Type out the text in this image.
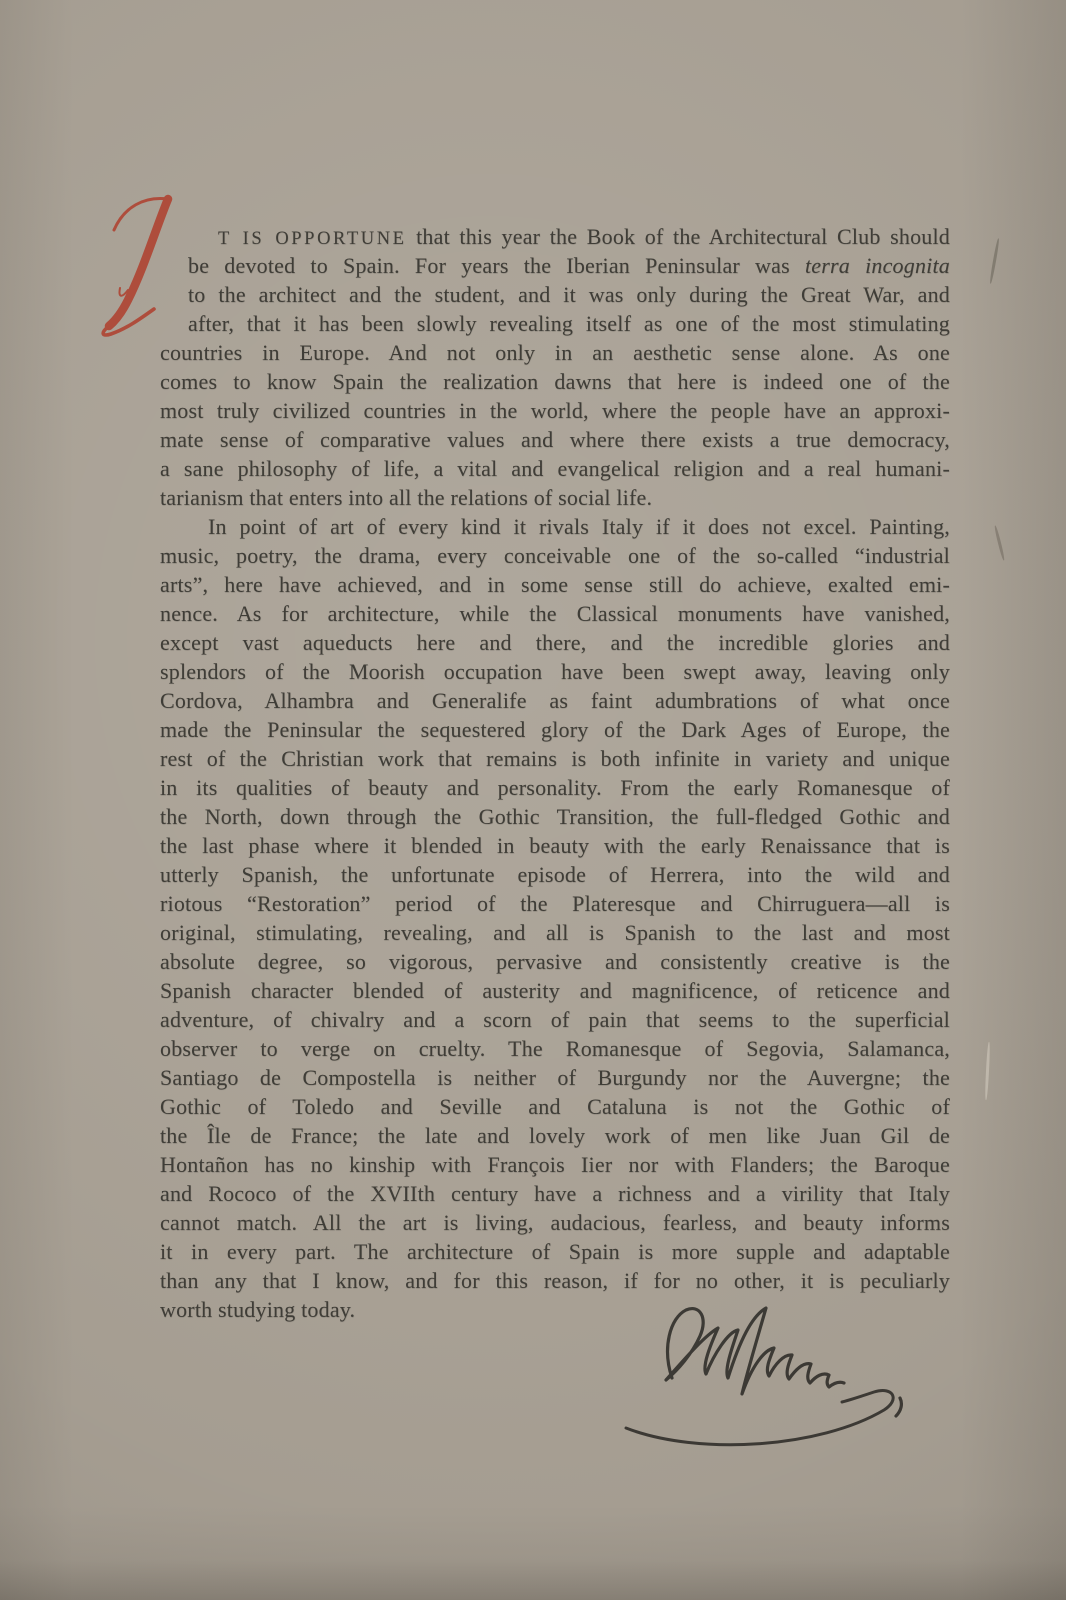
T IS OPPORTUNE that this year the Book of the Architectural Club should
be devoted to Spain. For years the Iberian Peninsular was terra incognita
to the architect and the student, and it was only during the Great War, and
after, that it has been slowly revealing itself as one of the most stimulating
countries in Europe. And not only in an aesthetic sense alone. As one
comes to know Spain the realization dawns that here is indeed one of the
most truly civilized countries in the world, where the people have an approxi-
mate sense of comparative values and where there exists a true democracy,
a sane philosophy of life, a vital and evangelical religion and a real humani-
tarianism that enters into all the relations of social life.
In point of art of every kind it rivals Italy if it does not excel. Painting,
music, poetry, the drama, every conceivable one of the so-called “industrial
arts”, here have achieved, and in some sense still do achieve, exalted emi-
nence. As for architecture, while the Classical monuments have vanished,
except vast aqueducts here and there, and the incredible glories and
splendors of the Moorish occupation have been swept away, leaving only
Cordova, Alhambra and Generalife as faint adumbrations of what once
made the Peninsular the sequestered glory of the Dark Ages of Europe, the
rest of the Christian work that remains is both infinite in variety and unique
in its qualities of beauty and personality. From the early Romanesque of
the North, down through the Gothic Transition, the full-fledged Gothic and
the last phase where it blended in beauty with the early Renaissance that is
utterly Spanish, the unfortunate episode of Herrera, into the wild and
riotous “Restoration” period of the Plateresque and Chirruguera—all is
original, stimulating, revealing, and all is Spanish to the last and most
absolute degree, so vigorous, pervasive and consistently creative is the
Spanish character blended of austerity and magnificence, of reticence and
adventure, of chivalry and a scorn of pain that seems to the superficial
observer to verge on cruelty. The Romanesque of Segovia, Salamanca,
Santiago de Compostella is neither of Burgundy nor the Auvergne; the
Gothic of Toledo and Seville and Cataluna is not the Gothic of
the Île de France; the late and lovely work of men like Juan Gil de
Hontañon has no kinship with François Iier nor with Flanders; the Baroque
and Rococo of the XVIIth century have a richness and a virility that Italy
cannot match. All the art is living, audacious, fearless, and beauty informs
it in every part. The architecture of Spain is more supple and adaptable
than any that I know, and for this reason, if for no other, it is peculiarly
worth studying today.
